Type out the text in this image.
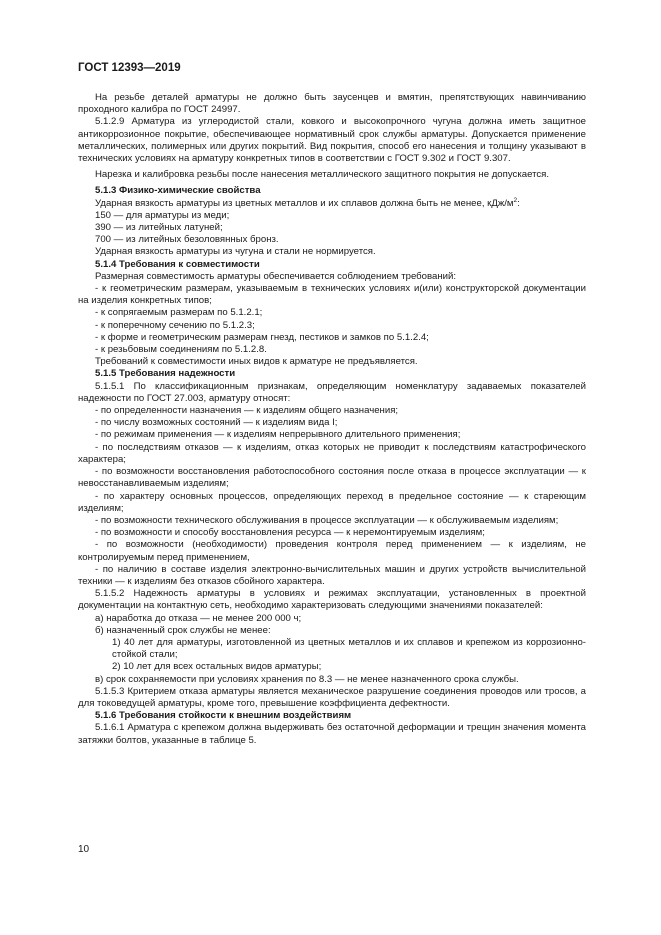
ГОСТ 12393—2019

На резьбе деталей арматуры не должно быть заусенцев и вмятин, препятствующих навинчиванию проходного калибра по ГОСТ 24997.

5.1.2.9 Арматура из углеродистой стали, ковкого и высокопрочного чугуна должна иметь защитное антикоррозионное покрытие, обеспечивающее нормативный срок службы арматуры. Допускается применение металлических, полимерных или других покрытий. Вид покрытия, способ его нанесения и толщину указывают в технических условиях на арматуру конкретных типов в соответствии с ГОСТ 9.302 и ГОСТ 9.307.

Нарезка и калибровка резьбы после нанесения металлического защитного покрытия не допускается.

5.1.3 Физико-химические свойства

Ударная вязкость арматуры из цветных металлов и их сплавов должна быть не менее, кДж/$м^2$:

150 — для арматуры из меди;

390 — из литейных латуней;

700 — из литейных безоловянных бронз.

Ударная вязкость арматуры из чугуна и стали не нормируется.

5.1.4 Требования к совместимости

Размерная совместимость арматуры обеспечивается соблюдением требований:

- к геометрическим размерам, указываемым в технических условиях и(или) конструкторской документации на изделия конкретных типов;

- к сопрягаемым размерам по 5.1.2.1;

- к поперечному сечению по 5.1.2.3;

- к форме и геометрическим размерам гнезд, пестиков и замков по 5.1.2.4;

- к резьбовым соединениям по 5.1.2.8.

Требований к совместимости иных видов к арматуре не предъявляется.

5.1.5 Требования надежности

5.1.5.1 По классификационным признакам, определяющим номенклатуру задаваемых показателей надежности по ГОСТ 27.003, арматуру относят:

- по определенности назначения — к изделиям общего назначения;

- по числу возможных состояний — к изделиям вида I;

- по режимам применения — к изделиям непрерывного длительного применения;

- по последствиям отказов — к изделиям, отказ которых не приводит к последствиям катастрофического характера;

- по возможности восстановления работоспособного состояния после отказа в процессе эксплуатации — к невосстанавливаемым изделиям;

- по характеру основных процессов, определяющих переход в предельное состояние — к стареющим изделиям;

- по возможности технического обслуживания в процессе эксплуатации — к обслуживаемым изделиям;

- по возможности и способу восстановления ресурса — к неремонтируемым изделиям;

- по возможности (необходимости) проведения контроля перед применением — к изделиям, не контролируемым перед применением,

- по наличию в составе изделия электронно-вычислительных машин и других устройств вычислительной техники — к изделиям без отказов сбойного характера.

5.1.5.2 Надежность арматуры в условиях и режимах эксплуатации, установленных в проектной документации на контактную сеть, необходимо характеризовать следующими значениями показателей:

а) наработка до отказа — не менее 200 000 ч;

б) назначенный срок службы не менее:

1) 40 лет для арматуры, изготовленной из цветных металлов и их сплавов и крепежом из коррозионно-стойкой стали;

2) 10 лет для всех остальных видов арматуры;

в) срок сохраняемости при условиях хранения по 8.3 — не менее назначенного срока службы.

5.1.5.3 Критерием отказа арматуры является механическое разрушение соединения проводов или тросов, а для токоведущей арматуры, кроме того, превышение коэффициента дефектности.

5.1.6 Требования стойкости к внешним воздействиям

5.1.6.1 Арматура с крепежом должна выдерживать без остаточной деформации и трещин значения момента затяжки болтов, указанные в таблице 5.

10
